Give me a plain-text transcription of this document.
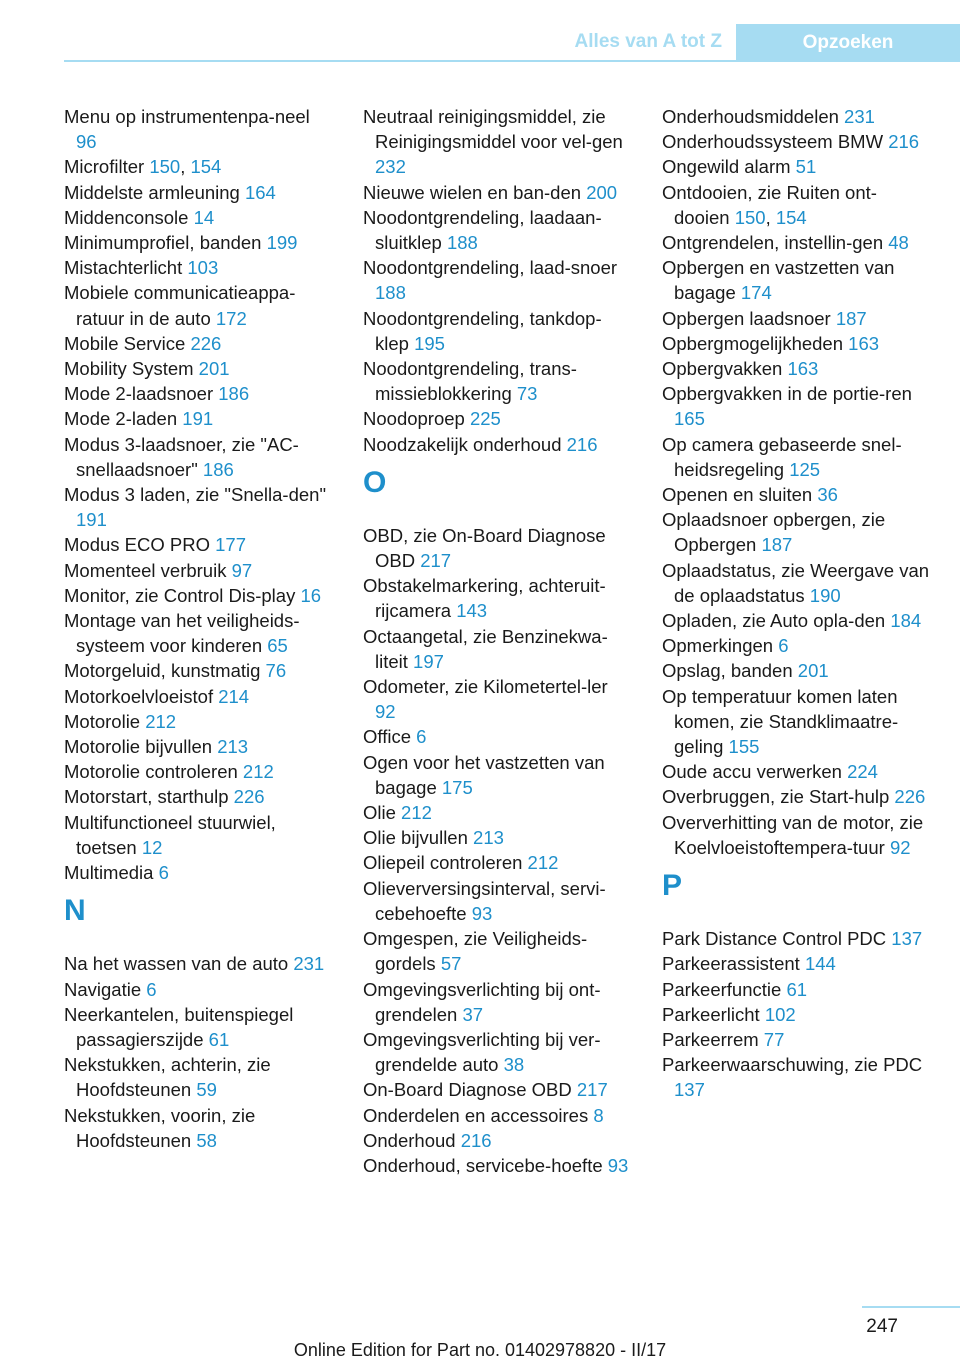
Alles van A tot Z	Opzoeken

Menu op instrumentenpa-neel 96

Microfilter 150, 154

Middelste armleuning 164

Middenconsole 14

Minimumprofiel, banden 199

Mistachterlicht 103

Mobiele communicatieappa-ratuur in de auto 172

Mobile Service 226

Mobility System 201

Mode 2-laadsnoer 186

Mode 2-laden 191

Modus 3-laadsnoer, zie "AC-snellaadsnoer" 186

Modus 3 laden, zie "Snella-den" 191

Modus ECO PRO 177

Momenteel verbruik 97

Monitor, zie Control Dis-play 16

Montage van het veiligheids-systeem voor kinderen 65

Motorgeluid, kunstmatig 76

Motorkoelvloeistof 214

Motorolie 212

Motorolie bijvullen 213

Motorolie controleren 212

Motorstart, starthulp 226

Multifunctioneel stuurwiel, toetsen 12

Multimedia 6

N

Na het wassen van de auto 231

Navigatie 6

Neerkantelen, buitenspiegel passagierszijde 61

Nekstukken, achterin, zie Hoofdsteunen 59

Nekstukken, voorin, zie Hoofdsteunen 58

Neutraal reinigingsmiddel, zie Reinigingsmiddel voor vel-gen 232

Nieuwe wielen en ban-den 200

Noodontgrendeling, laadaan-sluitklep 188

Noodontgrendeling, laad-snoer 188

Noodontgrendeling, tankdop-klep 195

Noodontgrendeling, trans-missieblokkering 73

Noodoproep 225

Noodzakelijk onderhoud 216

O

OBD, zie On-Board Diagnose OBD 217

Obstakelmarkering, achteruit-rijcamera 143

Octaangetal, zie Benzinekwa-liteit 197

Odometer, zie Kilometertel-ler 92

Office 6

Ogen voor het vastzetten van bagage 175

Olie 212

Olie bijvullen 213

Oliepeil controleren 212

Olieverversingsinterval, servi-cebehoefte 93

Omgespen, zie Veiligheids-gordels 57

Omgevingsverlichting bij ont-grendelen 37

Omgevingsverlichting bij ver-grendelde auto 38

On-Board Diagnose OBD 217

Onderdelen en accessoires 8

Onderhoud 216

Onderhoud, servicebe-hoefte 93

Onderhoudsmiddelen 231

Onderhoudssysteem BMW 216

Ongewild alarm 51

Ontdooien, zie Ruiten ont-dooien 150, 154

Ontgrendelen, instellin-gen 48

Opbergen en vastzetten van bagage 174

Opbergen laadsnoer 187

Opbergmogelijkheden 163

Opbergvakken 163

Opbergvakken in de portie-ren 165

Op camera gebaseerde snel-heidsregeling 125

Openen en sluiten 36

Oplaadsnoer opbergen, zie Opbergen 187

Oplaadstatus, zie Weergave van de oplaadstatus 190

Opladen, zie Auto opla-den 184

Opmerkingen 6

Opslag, banden 201

Op temperatuur komen laten komen, zie Standklimaatre-geling 155

Oude accu verwerken 224

Overbruggen, zie Start-hulp 226

Oververhitting van de motor, zie Koelvloeistoftempera-tuur 92

P

Park Distance Control PDC 137

Parkeerassistent 144

Parkeerfunctie 61

Parkeerlicht 102

Parkeerrem 77

Parkeerwaarschuwing, zie PDC 137

247
Online Edition for Part no. 01402978820 - II/17
